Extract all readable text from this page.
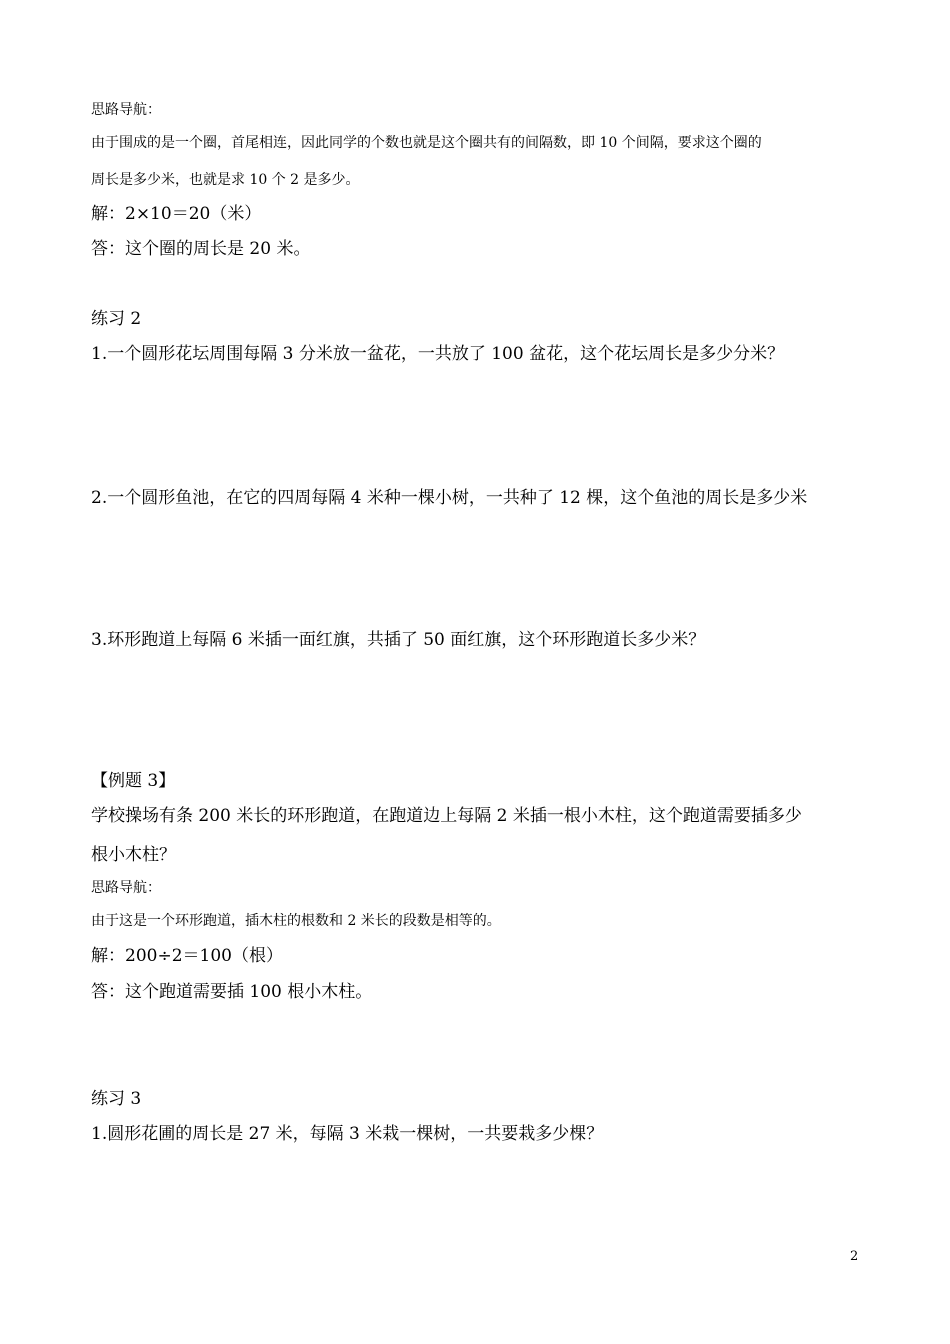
思路导航：
由于围成的是一个圈，首尾相连，因此同学的个数也就是这个圈共有的间隔数，即 10 个间隔，要求这个圈的
周长是多少米，也就是求 10 个 2 是多少。
解：2×10＝20（米）
答：这个圈的周长是 20 米。
练习 2
1.一个圆形花坛周围每隔 3 分米放一盆花，一共放了 100 盆花，这个花坛周长是多少分米？
2.一个圆形鱼池，在它的四周每隔 4 米种一棵小树，一共种了 12 棵，这个鱼池的周长是多少米
3.环形跑道上每隔 6 米插一面红旗，共插了 50 面红旗，这个环形跑道长多少米？
【例题 3】
学校操场有条 200 米长的环形跑道，在跑道边上每隔 2 米插一根小木柱，这个跑道需要插多少
根小木柱？
思路导航：
由于这是一个环形跑道，插木柱的根数和 2 米长的段数是相等的。
解：200÷2＝100（根）
答：这个跑道需要插 100 根小木柱。
练习 3
1.圆形花圃的周长是 27 米，每隔 3 米栽一棵树，一共要栽多少棵？
2
